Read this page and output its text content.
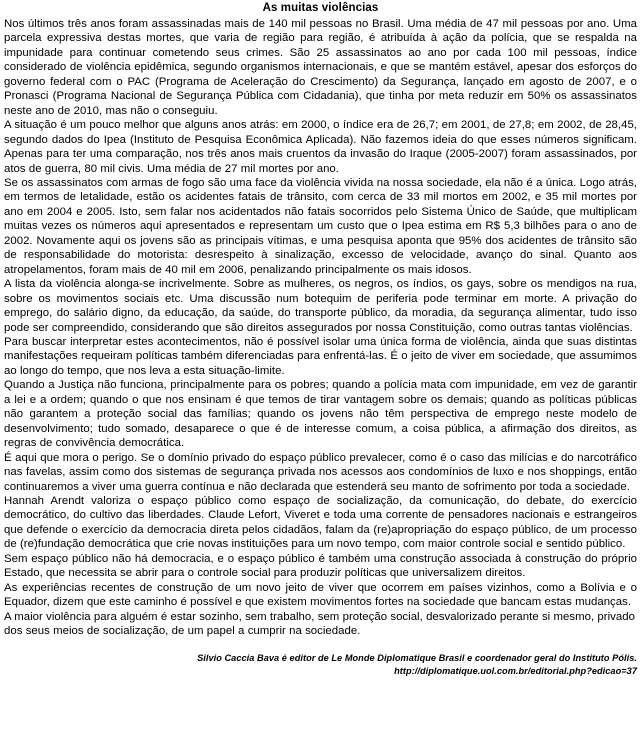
As muitas violências

Nos últimos três anos foram assassinadas mais de 140 mil pessoas no Brasil. Uma média de 47 mil pessoas por ano. Uma parcela expressiva destas mortes, que varia de região para região, é atribuída à ação da polícia, que se respalda na impunidade para continuar cometendo seus crimes. São 25 assassinatos ao ano por cada 100 mil pessoas, índice considerado de violência epidêmica, segundo organismos internacionais, e que se mantém estável, apesar dos esforços do governo federal com o PAC (Programa de Aceleração do Crescimento) da Segurança, lançado em agosto de 2007, e o Pronasci (Programa Nacional de Segurança Pública com Cidadania), que tinha por meta reduzir em 50% os assassinatos neste ano de 2010, mas não o conseguiu.

A situação é um pouco melhor que alguns anos atrás: em 2000, o índice era de 26,7; em 2001, de 27,8; em 2002, de 28,45, segundo dados do Ipea (Instituto de Pesquisa Econômica Aplicada). Não fazemos ideia do que esses números significam. Apenas para ter uma comparação, nos três anos mais cruentos da invasão do Iraque (2005-2007) foram assassinados, por atos de guerra, 80 mil civis. Uma média de 27 mil mortes por ano.

Se os assassinatos com armas de fogo são uma face da violência vivida na nossa sociedade, ela não é a única. Logo atrás, em termos de letalidade, estão os acidentes fatais de trânsito, com cerca de 33 mil mortos em 2002, e 35 mil mortes por ano em 2004 e 2005. Isto, sem falar nos acidentados não fatais socorridos pelo Sistema Único de Saúde, que multiplicam muitas vezes os números aqui apresentados e representam um custo que o Ipea estima em R$ 5,3 bilhões para o ano de 2002. Novamente aqui os jovens são as principais vítimas, e uma pesquisa aponta que 95% dos acidentes de trânsito são de responsabilidade do motorista: desrespeito à sinalização, excesso de velocidade, avanço do sinal. Quanto aos atropelamentos, foram mais de 40 mil em 2006, penalizando principalmente os mais idosos.

A lista da violência alonga-se incrivelmente. Sobre as mulheres, os negros, os índios, os gays, sobre os mendigos na rua, sobre os movimentos sociais etc. Uma discussão num botequim de periferia pode terminar em morte. A privação do emprego, do salário digno, da educação, da saúde, do transporte público, da moradia, da segurança alimentar, tudo isso pode ser compreendido, considerando que são direitos assegurados por nossa Constituição, como outras tantas violências.

Para buscar interpretar estes acontecimentos, não é possível isolar uma única forma de violência, ainda que suas distintas manifestações requeiram políticas também diferenciadas para enfrentá-las. É o jeito de viver em sociedade, que assumimos ao longo do tempo, que nos leva a esta situação-limite.

Quando a Justiça não funciona, principalmente para os pobres; quando a polícia mata com impunidade, em vez de garantir a lei e a ordem; quando o que nos ensinam é que temos de tirar vantagem sobre os demais; quando as políticas públicas não garantem a proteção social das famílias; quando os jovens não têm perspectiva de emprego neste modelo de desenvolvimento; tudo somado, desaparece o que é de interesse comum, a coisa pública, a afirmação dos direitos, as regras de convivência democrática.

É aqui que mora o perigo. Se o domínio privado do espaço público prevalecer, como é o caso das milícias e do narcotráfico nas favelas, assim como dos sistemas de segurança privada nos acessos aos condomínios de luxo e nos shoppings, então continuaremos a viver uma guerra contínua e não declarada que estenderá seu manto de sofrimento por toda a sociedade.

Hannah Arendt valoriza o espaço público como espaço de socialização, da comunicação, do debate, do exercício democrático, do cultivo das liberdades. Claude Lefort, Viveret e toda uma corrente de pensadores nacionais e estrangeiros que defende o exercício da democracia direta pelos cidadãos, falam da (re)apropriação do espaço público, de um processo de (re)fundação democrática que crie novas instituições para um novo tempo, com maior controle social e sentido público.

Sem espaço público não há democracia, e o espaço público é também uma construção associada à construção do próprio Estado, que necessita se abrir para o controle social para produzir políticas que universalizem direitos.

As experiências recentes de construção de um novo jeito de viver que ocorrem em países vizinhos, como a Bolívia e o Equador, dizem que este caminho é possível e que existem movimentos fortes na sociedade que bancam estas mudanças.

A maior violência para alguém é estar sozinho, sem trabalho, sem proteção social, desvalorizado perante si mesmo, privado dos seus meios de socialização, de um papel a cumprir na sociedade.

Silvio Caccia Bava é editor de Le Monde Diplomatique Brasil e coordenador geral do Instituto Pólis.
http://diplomatique.uol.com.br/editorial.php?edicao=37
